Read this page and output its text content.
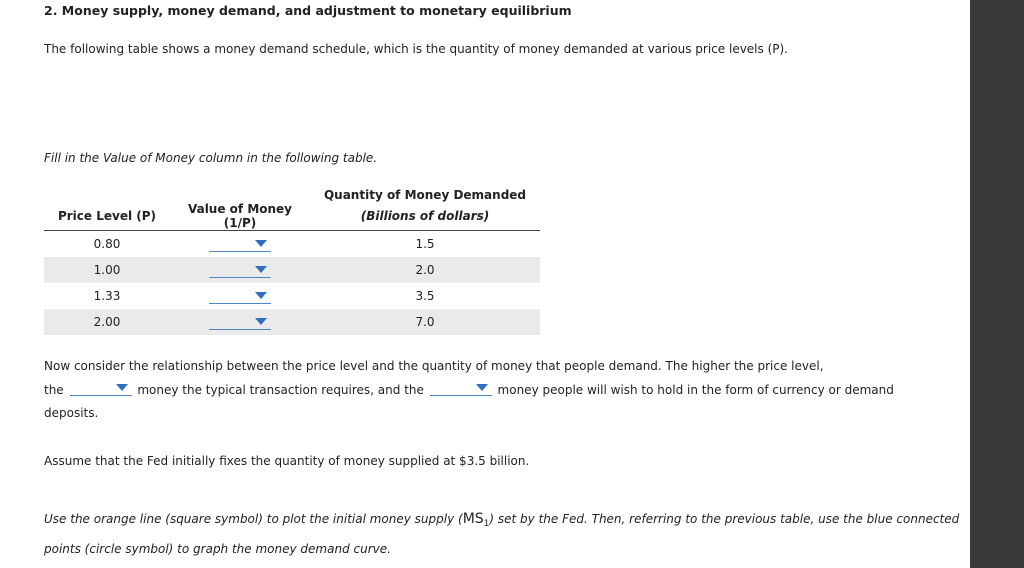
2. Money supply, money demand, and adjustment to monetary equilibrium
The following table shows a money demand schedule, which is the quantity of money demanded at various price levels (P).
Fill in the Value of Money column in the following table.
		Quantity of Money Demanded
Price Level (P)	Value of Money (1/P)	(Billions of dollars)
0.80		1.5
1.00		2.0
1.33		3.5
2.00		7.0
Now consider the relationship between the price level and the quantity of money that people demand. The higher the price level,
the	money the typical transaction requires, and the	money people will wish to hold in the form of currency or demand
deposits.
Assume that the Fed initially fixes the quantity of money supplied at $3.5 billion.
Use the orange line (square symbol) to plot the initial money supply $(MS_1)$ set by the Fed. Then, referring to the previous table, use the blue connected
points (circle symbol) to graph the money demand curve.
